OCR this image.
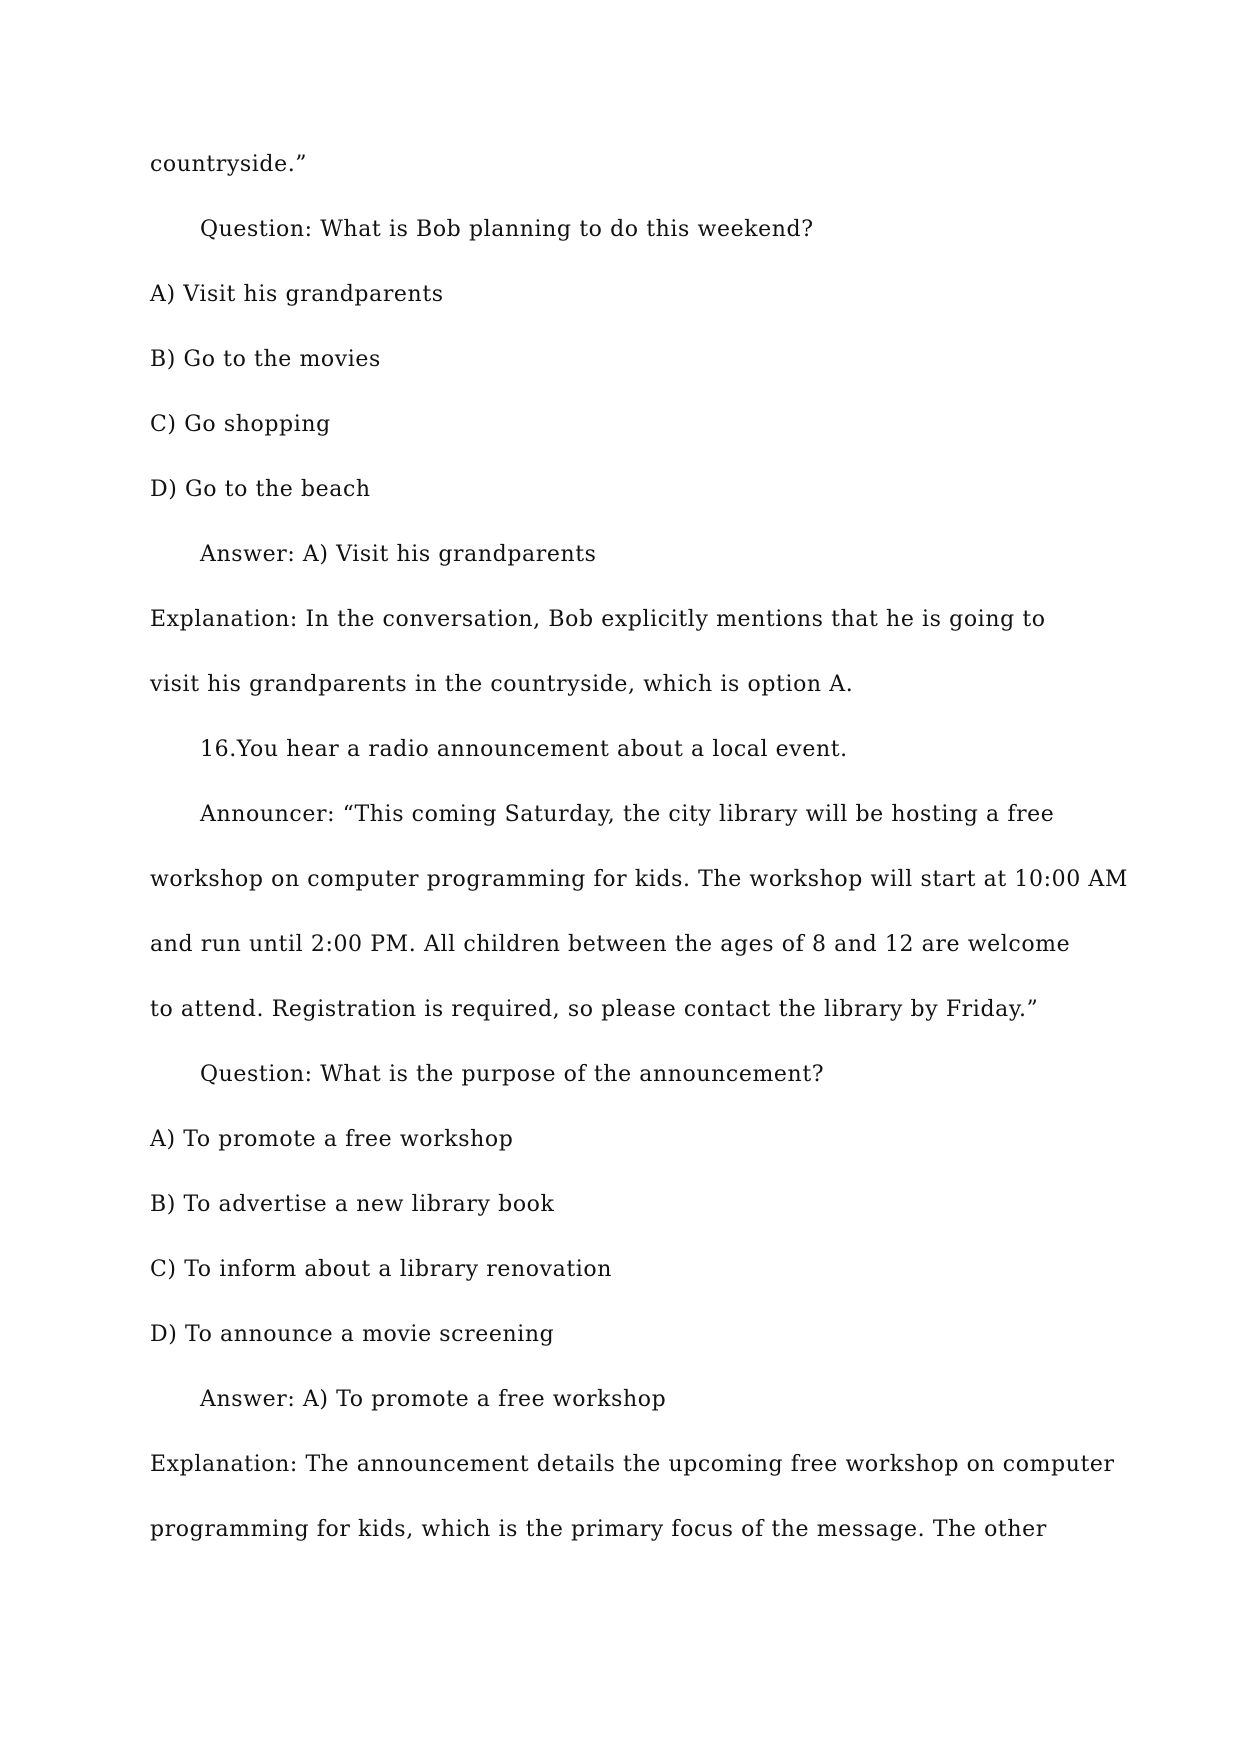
countryside.”
Question: What is Bob planning to do this weekend?
A) Visit his grandparents
B) Go to the movies
C) Go shopping
D) Go to the beach
Answer: A) Visit his grandparents
Explanation: In the conversation, Bob explicitly mentions that he is going to
visit his grandparents in the countryside, which is option A.
16.You hear a radio announcement about a local event.
Announcer: “This coming Saturday, the city library will be hosting a free
workshop on computer programming for kids. The workshop will start at 10:00 AM
and run until 2:00 PM. All children between the ages of 8 and 12 are welcome
to attend. Registration is required, so please contact the library by Friday.”
Question: What is the purpose of the announcement?
A) To promote a free workshop
B) To advertise a new library book
C) To inform about a library renovation
D) To announce a movie screening
Answer: A) To promote a free workshop
Explanation: The announcement details the upcoming free workshop on computer
programming for kids, which is the primary focus of the message. The other
